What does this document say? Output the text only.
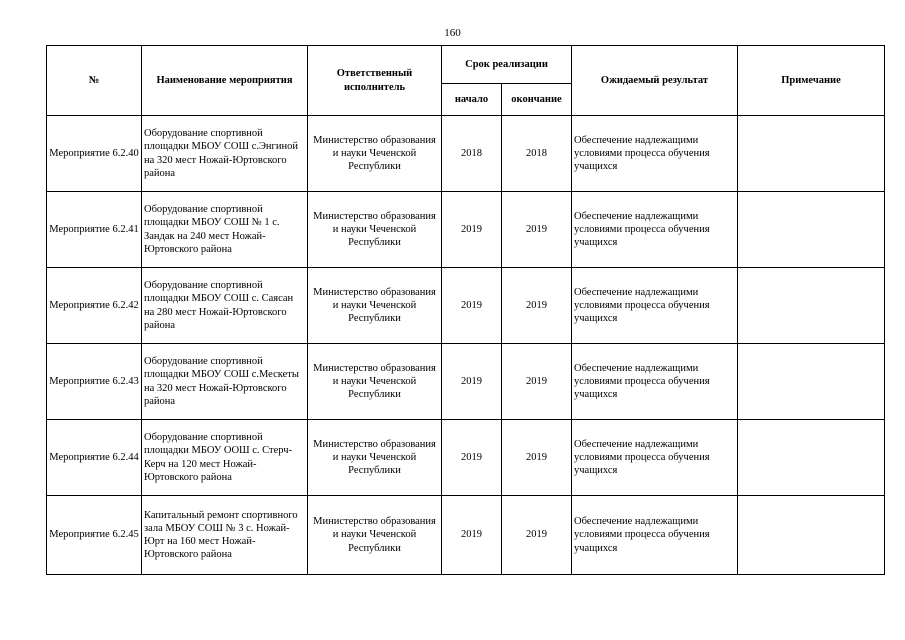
160
№	Наименование мероприятия	Ответственный исполнитель	Срок реализации		Ожидаемый результат	Примечание
			начало	окончание		
Мероприятие 6.2.40	Оборудование спортивной площадки МБОУ СОШ с.Энгиной на 320 мест Ножай-Юртовского района	Министерство образования и науки Чеченской Республики	2018	2018	Обеспечение надлежащими условиями процесса обучения учащихся	
Мероприятие 6.2.41	Оборудование спортивной площадки МБОУ СОШ № 1 с. Зандак на 240 мест Ножай-Юртовского района	Министерство образования и науки Чеченской Республики	2019	2019	Обеспечение надлежащими условиями процесса обучения учащихся	
Мероприятие 6.2.42	Оборудование спортивной площадки МБОУ СОШ с. Саясан на 280 мест Ножай-Юртовского района	Министерство образования и науки Чеченской Республики	2019	2019	Обеспечение надлежащими условиями процесса обучения учащихся	
Мероприятие 6.2.43	Оборудование спортивной площадки МБОУ СОШ с.Мескеты на 320 мест Ножай-Юртовского района	Министерство образования и науки Чеченской Республики	2019	2019	Обеспечение надлежащими условиями процесса обучения учащихся	
Мероприятие 6.2.44	Оборудование спортивной площадки МБОУ ООШ с. Стерч-Керч на 120 мест Ножай-Юртовского района	Министерство образования и науки Чеченской Республики	2019	2019	Обеспечение надлежащими условиями процесса обучения учащихся	
Мероприятие 6.2.45	Капитальный ремонт спортивного зала МБОУ СОШ № 3 с. Ножай-Юрт на 160 мест Ножай-Юртовского района	Министерство образования и науки Чеченской Республики	2019	2019	Обеспечение надлежащими условиями процесса обучения учащихся	
